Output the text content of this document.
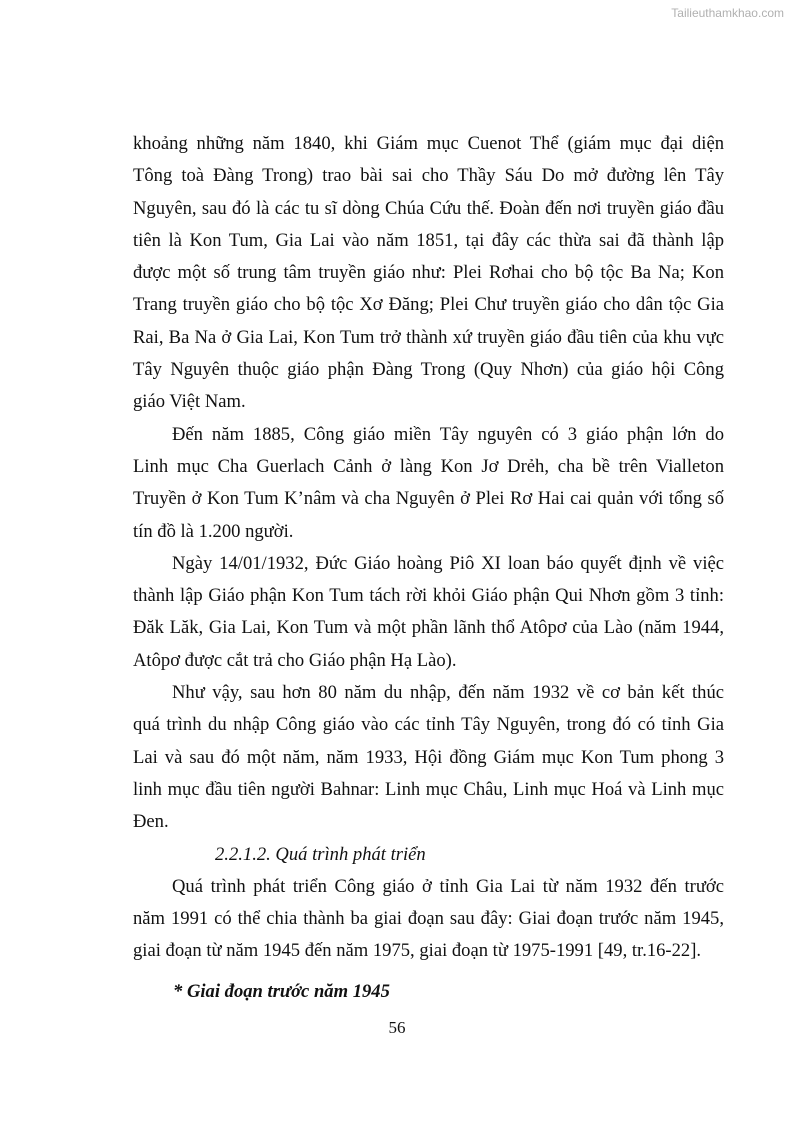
Tailieuthamkhao.com
khoảng những năm 1840, khi Giám mục Cuenot Thể (giám mục đại diện
Tông toà Đàng Trong) trao bài sai cho Thầy Sáu Do mở đường lên Tây
Nguyên, sau đó là các tu sĩ dòng Chúa Cứu thế. Đoàn đến nơi truyền giáo đầu
tiên là Kon Tum, Gia Lai vào năm 1851, tại đây các thừa sai đã thành lập
được một số trung tâm truyền giáo như: Plei Rơhai cho bộ tộc Ba Na; Kon
Trang truyền giáo cho bộ tộc Xơ Đăng; Plei Chư truyền giáo cho dân tộc Gia
Rai, Ba Na ở Gia Lai, Kon Tum trở thành xứ truyền giáo đầu tiên của khu vực
Tây Nguyên thuộc giáo phận Đàng Trong (Quy Nhơn) của giáo hội Công
giáo Việt Nam.
Đến năm 1885, Công giáo miền Tây nguyên có 3 giáo phận lớn do
Linh mục Cha Guerlach Cảnh ở làng Kon Jơ Drẻh, cha bề trên Vialleton
Truyền ở Kon Tum K’nâm và cha Nguyên ở Plei Rơ Hai cai quản với tổng số
tín đồ là 1.200 người.
Ngày 14/01/1932, Đức Giáo hoàng Piô XI loan báo quyết định về việc
thành lập Giáo phận Kon Tum tách rời khỏi Giáo phận Qui Nhơn gồm 3 tỉnh:
Đăk Lăk, Gia Lai, Kon Tum và một phần lãnh thổ Atôpơ của Lào (năm 1944,
Atôpơ được cắt trả cho Giáo phận Hạ Lào).
Như vậy, sau hơn 80 năm du nhập, đến năm 1932 về cơ bản kết thúc
quá trình du nhập Công giáo vào các tỉnh Tây Nguyên, trong đó có tỉnh Gia
Lai và sau đó một năm, năm 1933, Hội đồng Giám mục Kon Tum phong 3
linh mục đầu tiên người Bahnar: Linh mục Châu, Linh mục Hoá và Linh mục
Đen.
2.2.1.2. Quá trình phát triển
Quá trình phát triển Công giáo ở tỉnh Gia Lai từ năm 1932 đến trước
năm 1991 có thể chia thành ba giai đoạn sau đây: Giai đoạn trước năm 1945,
giai đoạn từ năm 1945 đến năm 1975, giai đoạn từ 1975-1991 [49, tr.16-22].
* Giai đoạn trước năm 1945
56
